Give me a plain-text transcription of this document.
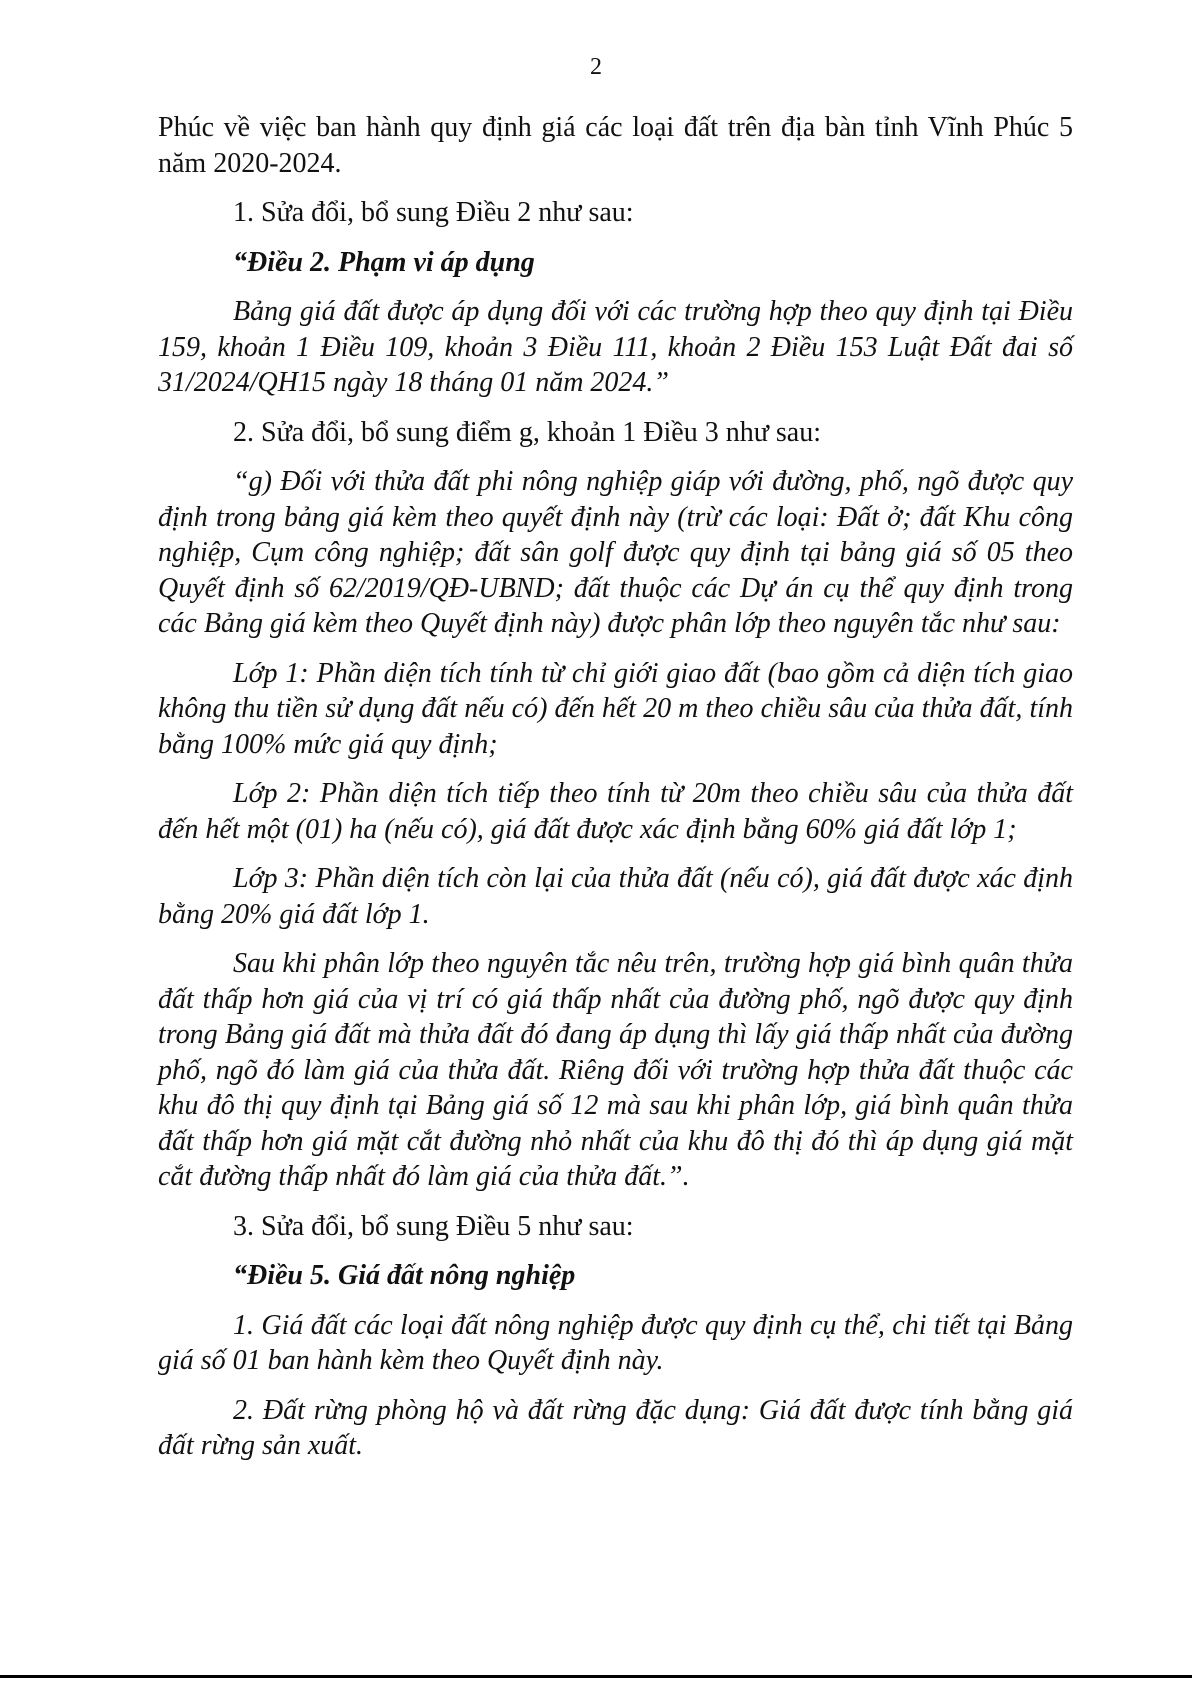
2

Phúc về việc ban hành quy định giá các loại đất trên địa bàn tỉnh Vĩnh Phúc 5 năm 2020-2024.

1. Sửa đổi, bổ sung Điều 2 như sau:

“Điều 2. Phạm vi áp dụng

Bảng giá đất được áp dụng đối với các trường hợp theo quy định tại Điều 159, khoản 1 Điều 109, khoản 3 Điều 111, khoản 2 Điều 153 Luật Đất đai số 31/2024/QH15 ngày 18 tháng 01 năm 2024.”

2. Sửa đổi, bổ sung điểm g, khoản 1 Điều 3 như sau:

“g) Đối với thửa đất phi nông nghiệp giáp với đường, phố, ngõ được quy định trong bảng giá kèm theo quyết định này (trừ các loại: Đất ở; đất Khu công nghiệp, Cụm công nghiệp; đất sân golf được quy định tại bảng giá số 05 theo Quyết định số 62/2019/QĐ-UBND; đất thuộc các Dự án cụ thể quy định trong các Bảng giá kèm theo Quyết định này) được phân lớp theo nguyên tắc như sau:

Lớp 1: Phần diện tích tính từ chỉ giới giao đất (bao gồm cả diện tích giao không thu tiền sử dụng đất nếu có) đến hết 20 m theo chiều sâu của thửa đất, tính bằng 100% mức giá quy định;

Lớp 2: Phần diện tích tiếp theo tính từ 20m theo chiều sâu của thửa đất đến hết một (01) ha (nếu có), giá đất được xác định bằng 60% giá đất lớp 1;

Lớp 3: Phần diện tích còn lại của thửa đất (nếu có), giá đất được xác định bằng 20% giá đất lớp 1.

Sau khi phân lớp theo nguyên tắc nêu trên, trường hợp giá bình quân thửa đất thấp hơn giá của vị trí có giá thấp nhất của đường phố, ngõ được quy định trong Bảng giá đất mà thửa đất đó đang áp dụng thì lấy giá thấp nhất của đường phố, ngõ đó làm giá của thửa đất. Riêng đối với trường hợp thửa đất thuộc các khu đô thị quy định tại Bảng giá số 12 mà sau khi phân lớp, giá bình quân thửa đất thấp hơn giá mặt cắt đường nhỏ nhất của khu đô thị đó thì áp dụng giá mặt cắt đường thấp nhất đó làm giá của thửa đất.”.

3. Sửa đổi, bổ sung Điều 5 như sau:

“Điều 5. Giá đất nông nghiệp

1. Giá đất các loại đất nông nghiệp được quy định cụ thể, chi tiết tại Bảng giá số 01 ban hành kèm theo Quyết định này.

2. Đất rừng phòng hộ và đất rừng đặc dụng: Giá đất được tính bằng giá đất rừng sản xuất.
